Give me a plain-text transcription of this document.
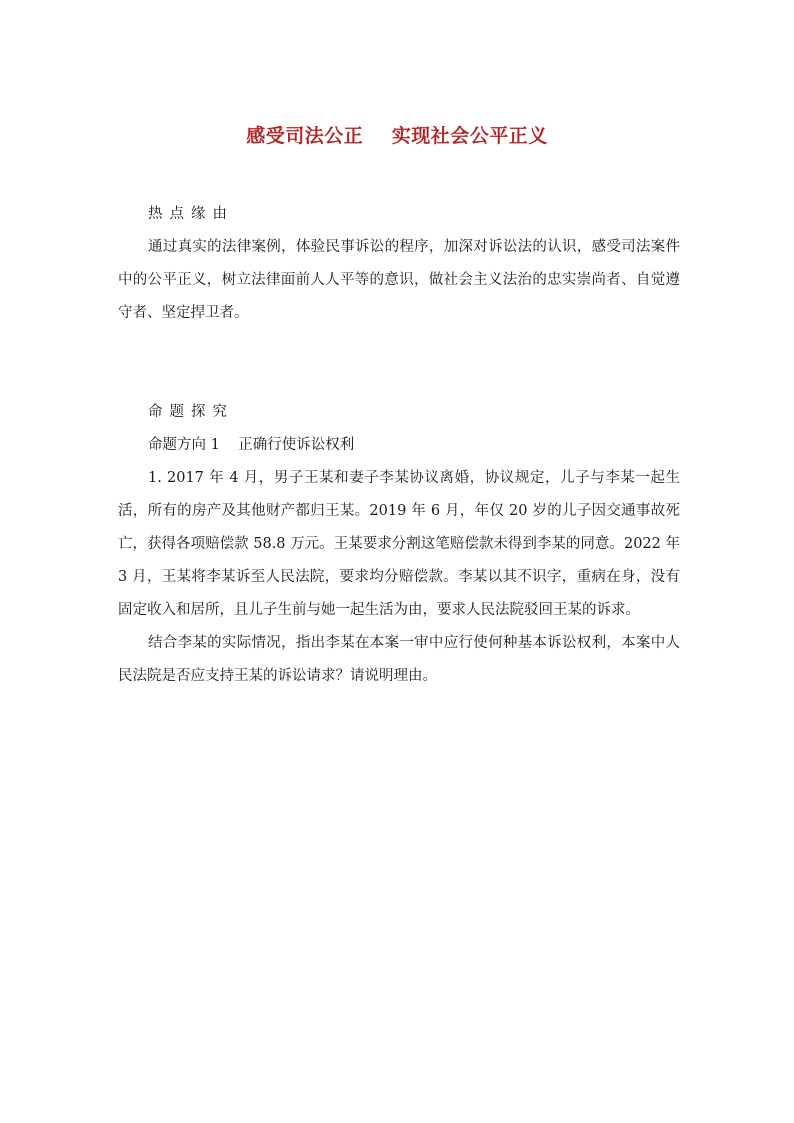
感受司法公正    实现社会公平正义
热点缘由

通过真实的法律案例，体验民事诉讼的程序，加深对诉讼法的认识，感受司法案件中的公平正义，树立法律面前人人平等的意识，做社会主义法治的忠实崇尚者、自觉遵守者、坚定捍卫者。

命题探究
命题方向 1    正确行使诉讼权利

1. 2017 年 4 月，男子王某和妻子李某协议离婚，协议规定，儿子与李某一起生活，所有的房产及其他财产都归王某。2019 年 6 月，年仅 20 岁的儿子因交通事故死亡，获得各项赔偿款 58.8 万元。王某要求分割这笔赔偿款未得到李某的同意。2022 年 3 月，王某将李某诉至人民法院，要求均分赔偿款。李某以其不识字，重病在身，没有固定收入和居所，且儿子生前与她一起生活为由，要求人民法院驳回王某的诉求。

结合李某的实际情况，指出李某在本案一审中应行使何种基本诉讼权利，本案中人民法院是否应支持王某的诉讼请求？请说明理由。
